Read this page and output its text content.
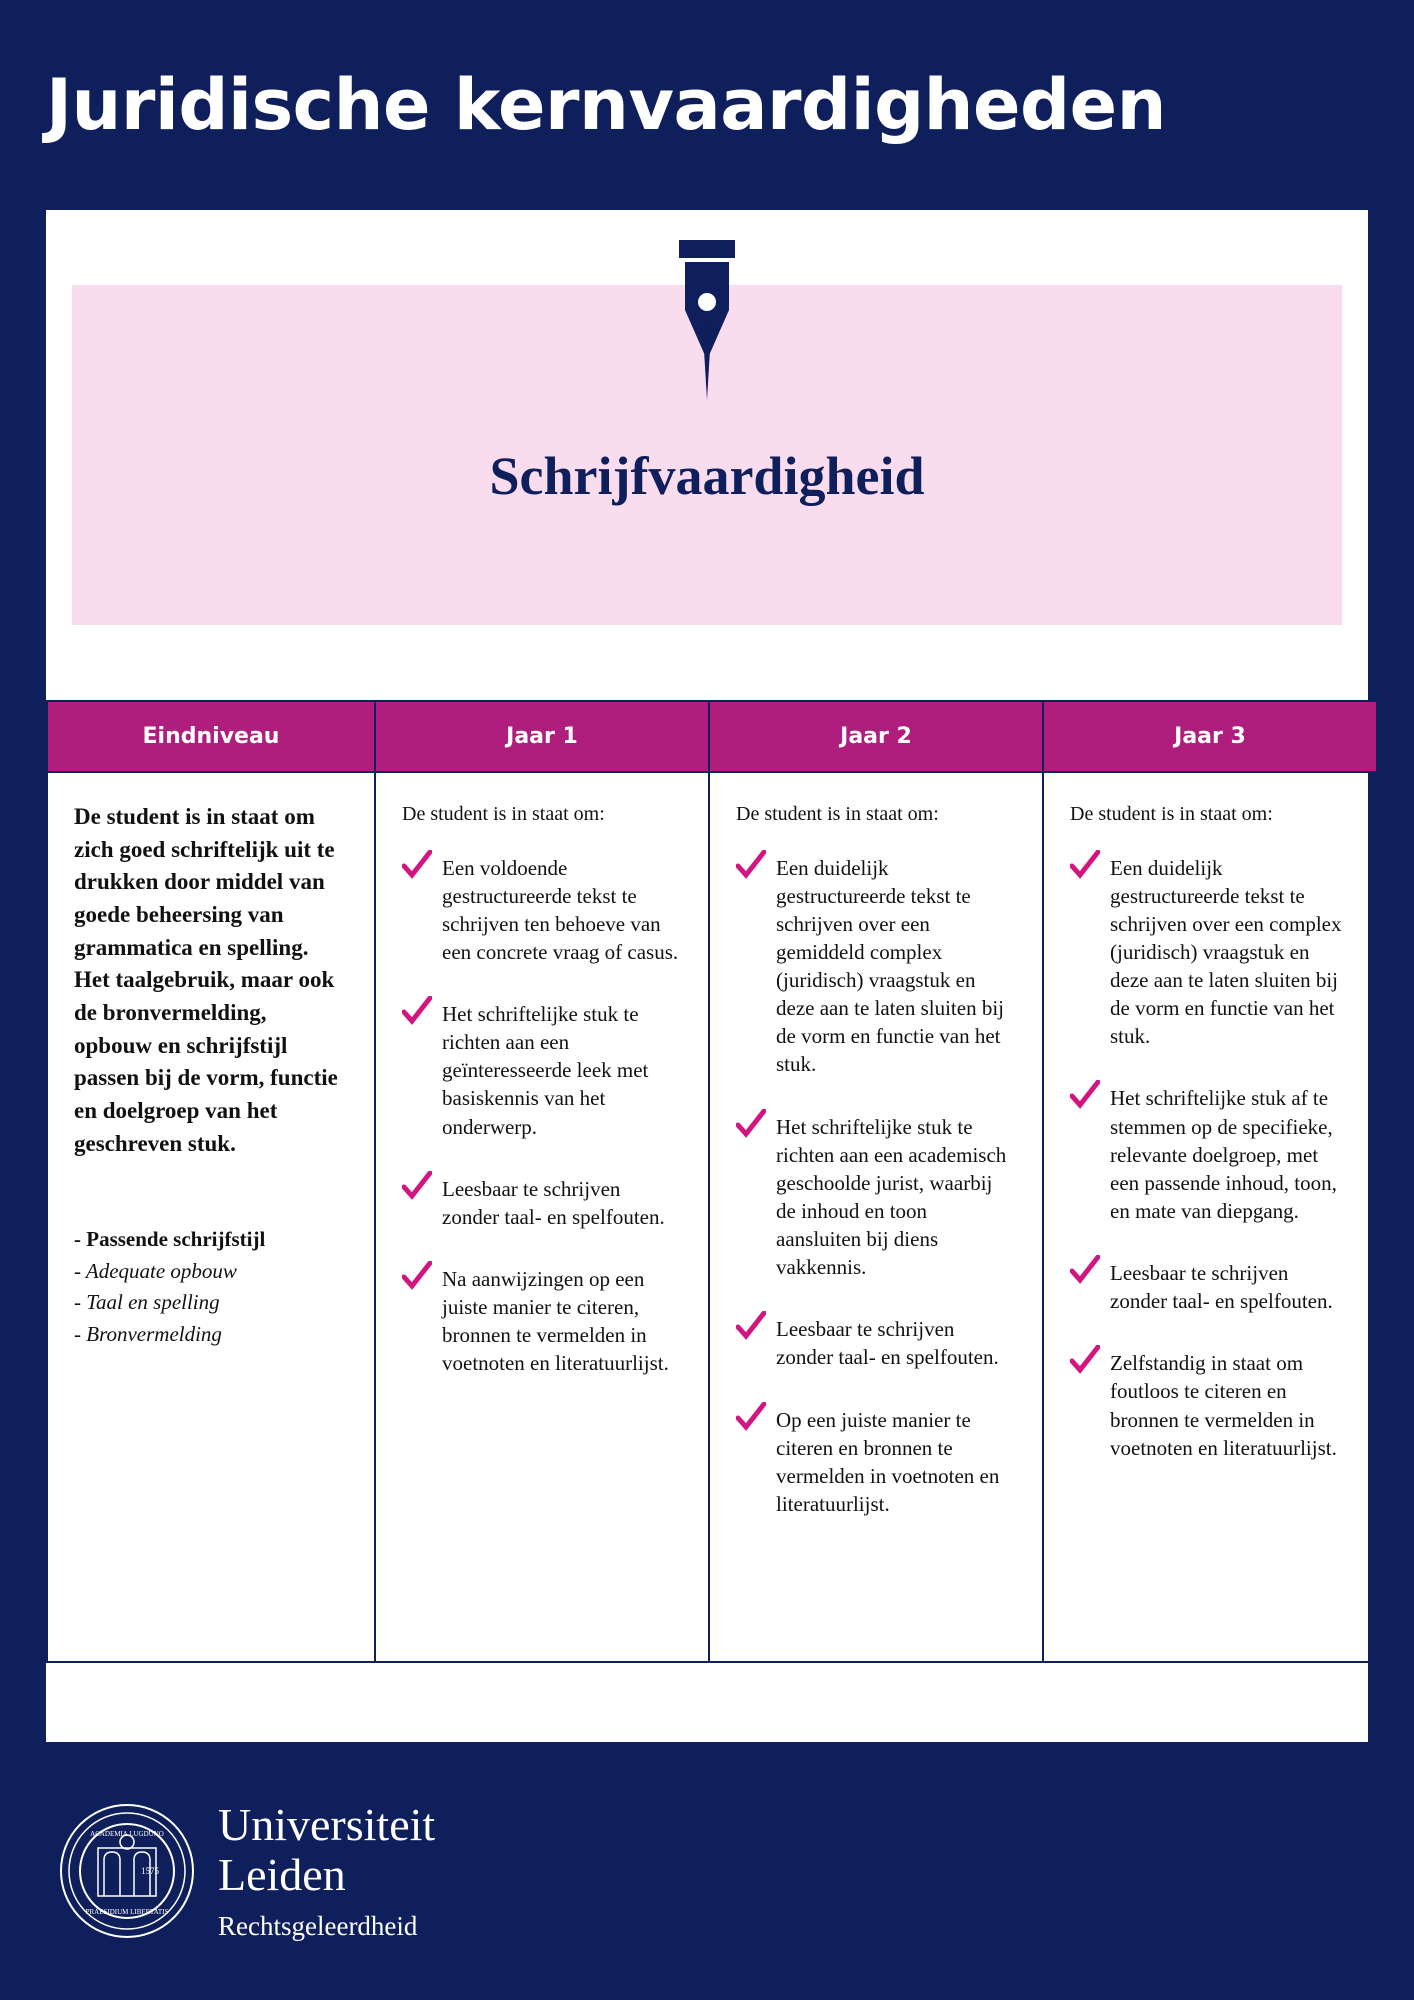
Juridische kernvaardigheden
Schrijfvaardigheid
Eindniveau	Jaar 1	Jaar 2	Jaar 3

De student is in staat om zich goed schriftelijk uit te drukken door middel van goede beheersing van grammatica en spelling. Het taalgebruik, maar ook de bronvermelding, opbouw en schrijfstijl passen bij de vorm, functie en doelgroep van het geschreven stuk.
- Passende schrijfstijl
- Adequate opbouw
- Taal en spelling
- Bronvermelding

De student is in staat om:
Een voldoende gestructureerde tekst te schrijven ten behoeve van een concrete vraag of casus.
Het schriftelijke stuk te richten aan een geïnteresseerde leek met basiskennis van het onderwerp.
Leesbaar te schrijven zonder taal- en spelfouten.
Na aanwijzingen op een juiste manier te citeren, bronnen te vermelden in voetnoten en literatuurlijst.

De student is in staat om:
Een duidelijk gestructureerde tekst te schrijven over een gemiddeld complex (juridisch) vraagstuk en deze aan te laten sluiten bij de vorm en functie van het stuk.
Het schriftelijke stuk te richten aan een academisch geschoolde jurist, waarbij de inhoud en toon aansluiten bij diens vakkennis.
Leesbaar te schrijven zonder taal- en spelfouten.
Op een juiste manier te citeren en bronnen te vermelden in voetnoten en literatuurlijst.

De student is in staat om:
Een duidelijk gestructureerde tekst te schrijven over een complex (juridisch) vraagstuk en deze aan te laten sluiten bij de vorm en functie van het stuk.
Het schriftelijke stuk af te stemmen op de specifieke, relevante doelgroep, met een passende inhoud, toon, en mate van diepgang.
Leesbaar te schrijven zonder taal- en spelfouten.
Zelfstandig in staat om foutloos te citeren en bronnen te vermelden in voetnoten en literatuurlijst.
ACADEMIA LUGDUNO
PRAESIDIUM LIBERTATIS
1575
Universiteit
Leiden
Rechtsgeleerdheid
